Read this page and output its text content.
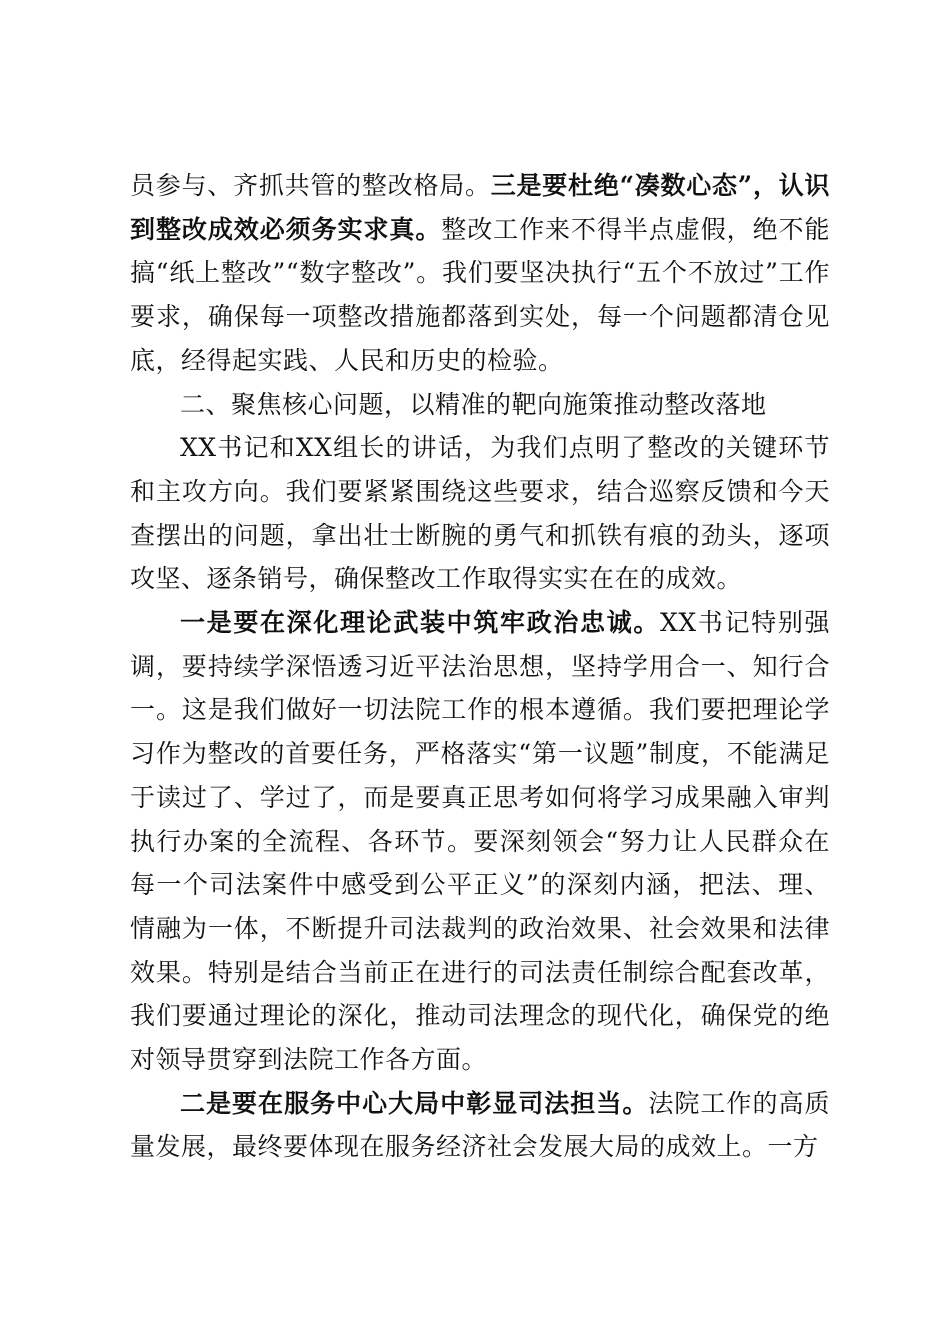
员参与、齐抓共管的整改格局。三是要杜绝“凑数心态”，认识到整改成效必须务实求真。整改工作来不得半点虚假，绝不能搞“纸上整改”“数字整改”。我们要坚决执行“五个不放过”工作要求，确保每一项整改措施都落到实处，每一个问题都清仓见底，经得起实践、人民和历史的检验。

二、聚焦核心问题，以精准的靶向施策推动整改落地

XX书记和XX组长的讲话，为我们点明了整改的关键环节和主攻方向。我们要紧紧围绕这些要求，结合巡察反馈和今天查摆出的问题，拿出壮士断腕的勇气和抓铁有痕的劲头，逐项攻坚、逐条销号，确保整改工作取得实实在在的成效。

一是要在深化理论武装中筑牢政治忠诚。XX书记特别强调，要持续学深悟透习近平法治思想，坚持学用合一、知行合一。这是我们做好一切法院工作的根本遵循。我们要把理论学习作为整改的首要任务，严格落实“第一议题”制度，不能满足于读过了、学过了，而是要真正思考如何将学习成果融入审判执行办案的全流程、各环节。要深刻领会“努力让人民群众在每一个司法案件中感受到公平正义”的深刻内涵，把法、理、情融为一体，不断提升司法裁判的政治效果、社会效果和法律效果。特别是结合当前正在进行的司法责任制综合配套改革，我们要通过理论的深化，推动司法理念的现代化，确保党的绝对领导贯穿到法院工作各方面。

二是要在服务中心大局中彰显司法担当。法院工作的高质量发展，最终要体现在服务经济社会发展大局的成效上。一方
